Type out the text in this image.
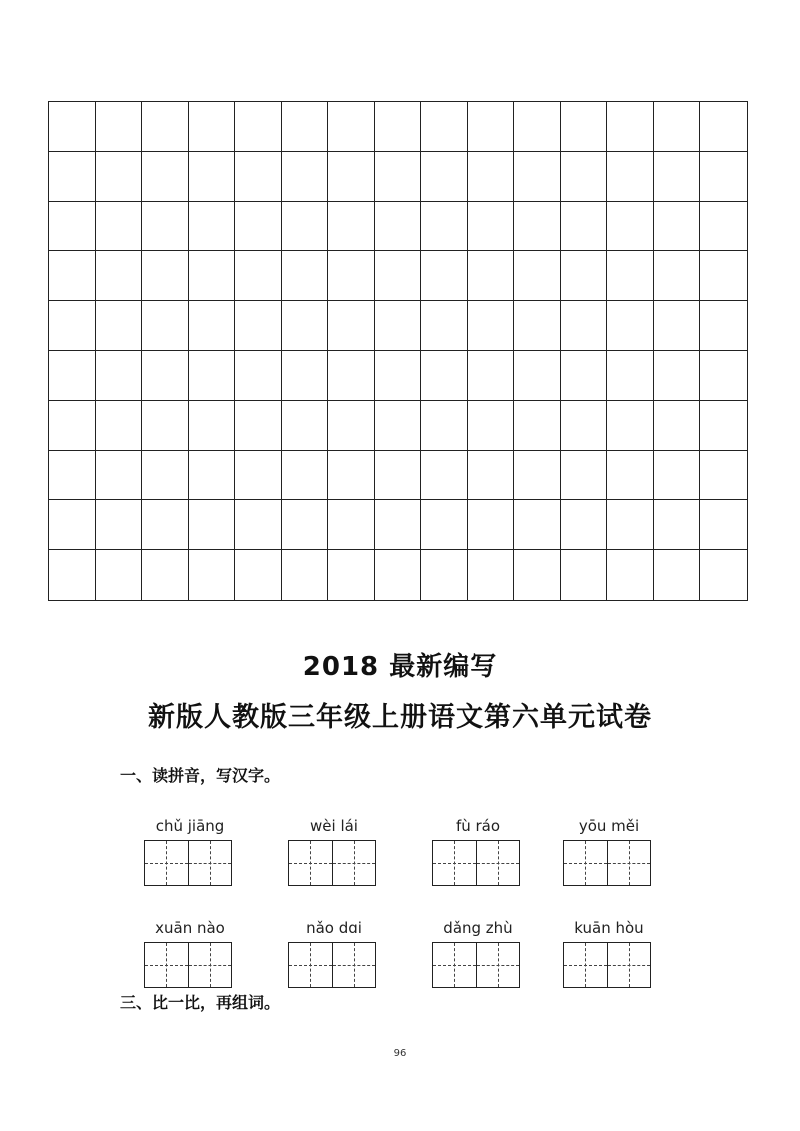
2018 最新编写
新版人教版三年级上册语文第六单元试卷

一、读拼音，写汉字。

chǔ jiāng	wèi lái	fù ráo	yōu měi
xuān nào	nǎo dɑi	dǎng zhù	kuān hòu

三、比一比，再组词。

96
